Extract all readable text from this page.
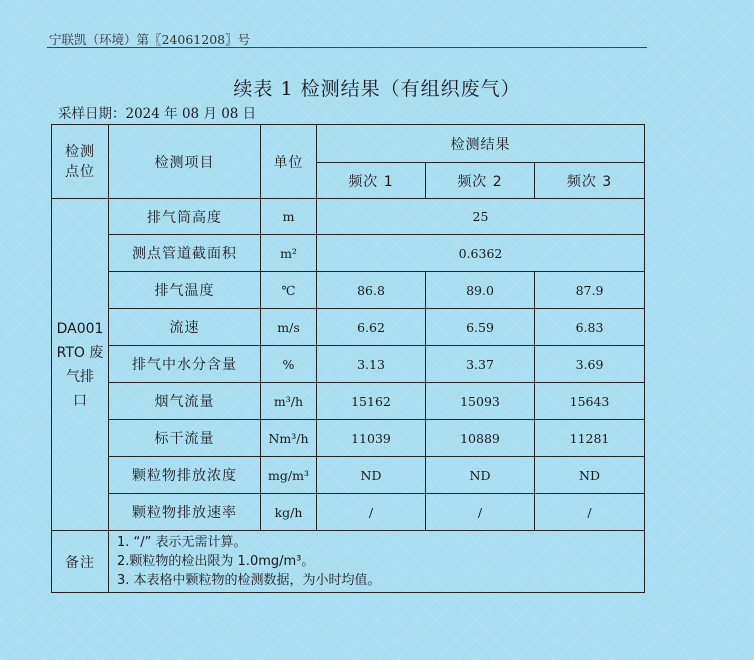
宁联凯（环境）第〖24061208〗号
续表 1 检测结果（有组织废气）
采样日期：2024 年 08 月 08 日
检测
点位	检测项目	单位	检测结果		
			频次 1	频次 2	频次 3
DA001
RTO 废
气排
口	排气筒高度	m	25		
	测点管道截面积	m²	0.6362		
	排气温度	℃	86.8	89.0	87.9
	流速	m/s	6.62	6.59	6.83
	排气中水分含量	%	3.13	3.37	3.69
	烟气流量	m³/h	15162	15093	15643
	标干流量	Nm³/h	11039	10889	11281
	颗粒物排放浓度	mg/m³	ND	ND	ND
	颗粒物排放速率	kg/h	/	/	/
备注	1. “/” 表示无需计算。
2.颗粒物的检出限为 1.0mg/m³。
3. 本表格中颗粒物的检测数据，为小时均值。				
